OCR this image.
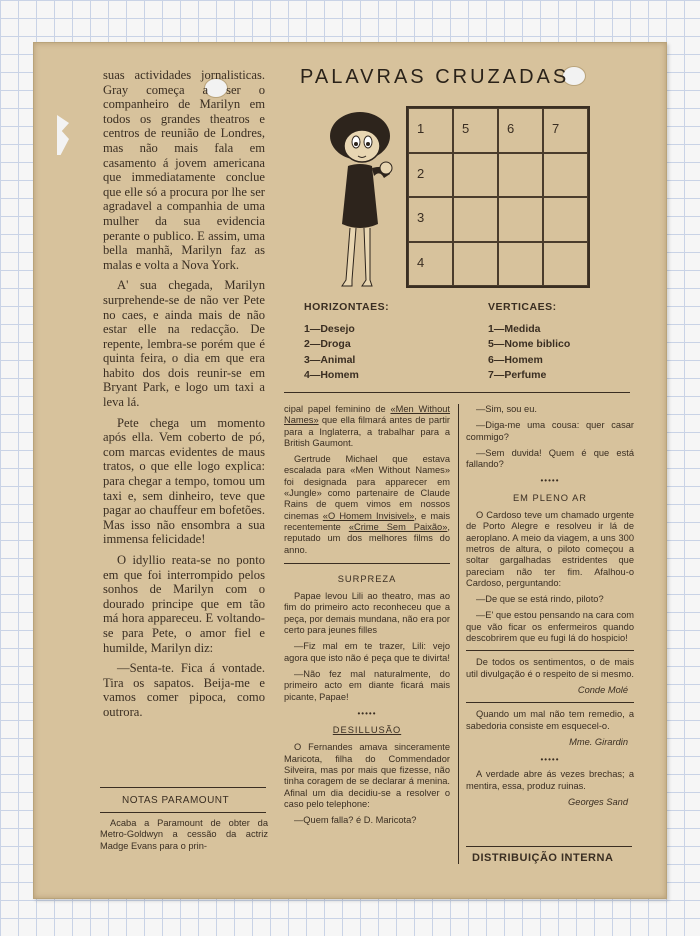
suas actividades jornalisticas. Gray começa a ser o companheiro de Marilyn em todos os grandes theatros e centros de reunião de Londres, mas não mais fala em casamento á jovem americana que immediatamente conclue que elle só a procura por lhe ser agradavel a companhia de uma mulher da sua evidencia perante o publico. E assim, uma bella manhã, Marilyn faz as malas e volta a Nova York.

A' sua chegada, Marilyn surprehende-se de não ver Pete no caes, e ainda mais de não estar elle na redacção. De repente, lembra-se porém que é quinta feira, o dia em que era habito dos dois reunir-se em Bryant Park, e logo um taxi a leva lá.

Pete chega um momento após ella. Vem coberto de pó, com marcas evidentes de maus tratos, o que elle logo explica: para chegar a tempo, tomou um taxi e, sem dinheiro, teve que pagar ao chauffeur em bofetões. Mas isso não ensombra a sua immensa felicidade!

O idyllio reata-se no ponto em que foi interrompido pelos sonhos de Marilyn com o dourado principe que em tão má hora appareceu. E voltando-se para Pete, o amor fiel e humilde, Marilyn diz:

—Senta-te. Fica á vontade. Tira os sapatos. Beija-me e vamos comer pipoca, como outrora.

PALAVRAS CRUZADAS
1	5	6	7
2
3
4
HORIZONTAES:
1—Desejo
2—Droga
3—Animal
4—Homem
VERTICAES:
1—Medida
5—Nome biblico
6—Homem
7—Perfume

cipal papel feminino de «Men Without Names» que ella filmará antes de partir para a Inglaterra, a trabalhar para a British Gaumont.

Gertrude Michael que estava escalada para «Men Without Names» foi designada para apparecer em «Jungle» como partenaire de Claude Rains de quem vimos em nossos cinemas «O Homem Invisivel», e mais recentemente «Crime Sem Paixão», reputado um dos melhores films do anno.

SURPREZA

Papae levou Lili ao theatro, mas ao fim do primeiro acto reconheceu que a peça, por demais mundana, não era por certo para jeunes filles

—Fiz mal em te trazer, Lili: vejo agora que isto não é peça que te divirta!

—Não fez mal naturalmente, do primeiro acto em diante ficará mais picante, Papae!

•••••

DESILLUSÃO

O Fernandes amava sinceramente Maricota, filha do Commendador Silveira, mas por mais que fizesse, não tinha coragem de se declarar á menina. Afinal um dia decidiu-se a resolver o caso pelo telephone:

—Quem falla? é D. Maricota?

—Sim, sou eu.

—Diga-me uma cousa: quer casar commigo?

—Sem duvida! Quem é que está fallando?

•••••

EM PLENO AR

O Cardoso teve um chamado urgente de Porto Alegre e resolveu ir lá de aeroplano. A meio da viagem, a uns 300 metros de altura, o piloto começou a soltar gargalhadas estridentes que pareciam não ter fim. Afalhou-o Cardoso, perguntando:

—De que se está rindo, piloto?

—E' que estou pensando na cara com que vão ficar os enfermeiros quando descobrirem que eu fugi lá do hospicio!

De todos os sentimentos, o de mais util divulgação é o respeito de si mesmo.

Conde Molé

Quando um mal não tem remedio, a sabedoria consiste em esquecel-o.

Mme. Girardin

•••••

A verdade abre ás vezes brechas; a mentira, essa, produz ruinas.

Georges Sand

DISTRIBUIÇÃO INTERNA
NOTAS PARAMOUNT

Acaba a Paramount de obter da Metro-Goldwyn a cessão da actriz Madge Evans para o prin-
